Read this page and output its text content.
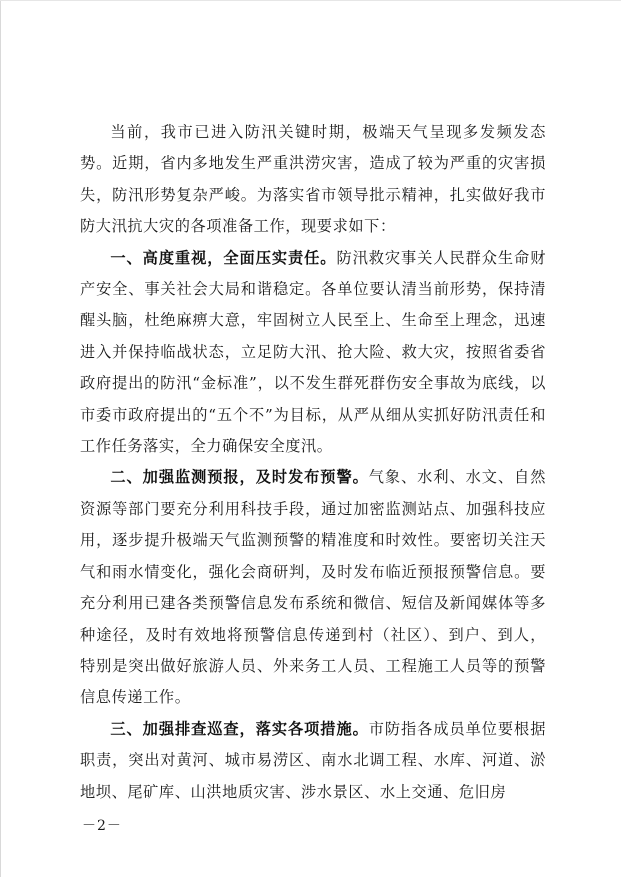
当前，我市已进入防汛关键时期，极端天气呈现多发频发态势。近期，省内多地发生严重洪涝灾害，造成了较为严重的灾害损失，防汛形势复杂严峻。为落实省市领导批示精神，扎实做好我市防大汛抗大灾的各项准备工作，现要求如下：

一、高度重视，全面压实责任。防汛救灾事关人民群众生命财产安全、事关社会大局和谐稳定。各单位要认清当前形势，保持清醒头脑，杜绝麻痹大意，牢固树立人民至上、生命至上理念，迅速进入并保持临战状态，立足防大汛、抢大险、救大灾，按照省委省政府提出的防汛“金标准”，以不发生群死群伤安全事故为底线，以市委市政府提出的“五个不”为目标，从严从细从实抓好防汛责任和工作任务落实，全力确保安全度汛。

二、加强监测预报，及时发布预警。气象、水利、水文、自然资源等部门要充分利用科技手段，通过加密监测站点、加强科技应用，逐步提升极端天气监测预警的精准度和时效性。要密切关注天气和雨水情变化，强化会商研判，及时发布临近预报预警信息。要充分利用已建各类预警信息发布系统和微信、短信及新闻媒体等多种途径，及时有效地将预警信息传递到村（社区）、到户、到人，特别是突出做好旅游人员、外来务工人员、工程施工人员等的预警信息传递工作。

三、加强排查巡查，落实各项措施。市防指各成员单位要根据职责，突出对黄河、城市易涝区、南水北调工程、水库、河道、淤地坝、尾矿库、山洪地质灾害、涉水景区、水上交通、危旧房

－2－
